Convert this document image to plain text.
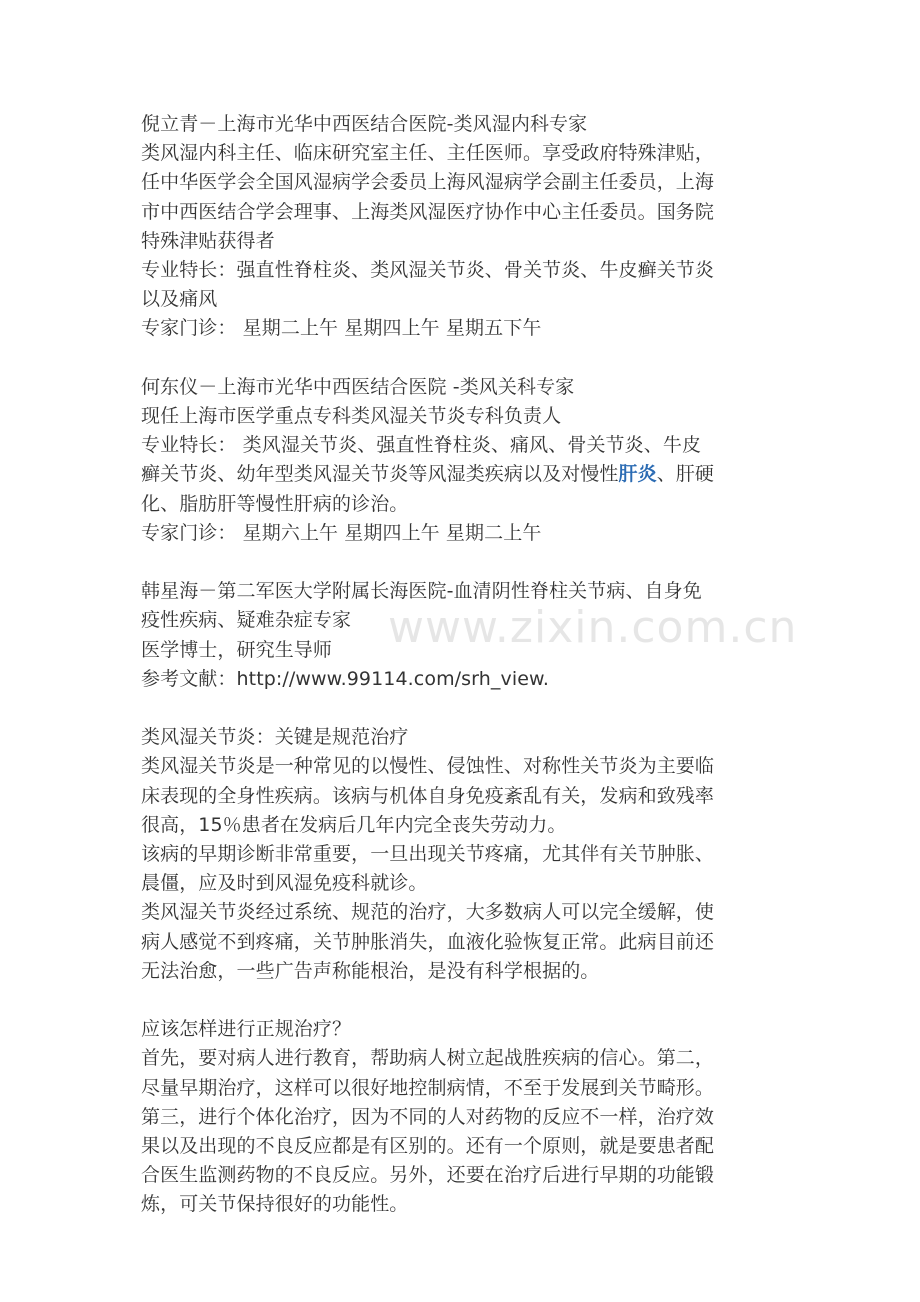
www.zixin.com.cn
倪立青－上海市光华中西医结合医院-类风湿内科专家
类风湿内科主任、临床研究室主任、主任医师。享受政府特殊津贴，
任中华医学会全国风湿病学会委员上海风湿病学会副主任委员，上海
市中西医结合学会理事、上海类风湿医疗协作中心主任委员。国务院
特殊津贴获得者
专业特长：强直性脊柱炎、类风湿关节炎、骨关节炎、牛皮癣关节炎
以及痛风
专家门诊： 星期二上午 星期四上午 星期五下午
何东仪－上海市光华中西医结合医院 -类风关科专家
现任上海市医学重点专科类风湿关节炎专科负责人
专业特长： 类风湿关节炎、强直性脊柱炎、痛风、骨关节炎、牛皮
癣关节炎、幼年型类风湿关节炎等风湿类疾病以及对慢性肝炎、肝硬
化、脂肪肝等慢性肝病的诊治。
专家门诊： 星期六上午 星期四上午 星期二上午
韩星海－第二军医大学附属长海医院-血清阴性脊柱关节病、自身免
疫性疾病、疑难杂症专家
医学博士，研究生导师
参考文献：http://www.99114.com/srh_view.
类风湿关节炎：关键是规范治疗
类风湿关节炎是一种常见的以慢性、侵蚀性、对称性关节炎为主要临
床表现的全身性疾病。该病与机体自身免疫紊乱有关，发病和致残率
很高，15％患者在发病后几年内完全丧失劳动力。
该病的早期诊断非常重要，一旦出现关节疼痛，尤其伴有关节肿胀、
晨僵，应及时到风湿免疫科就诊。
类风湿关节炎经过系统、规范的治疗，大多数病人可以完全缓解，使
病人感觉不到疼痛，关节肿胀消失，血液化验恢复正常。此病目前还
无法治愈，一些广告声称能根治，是没有科学根据的。
应该怎样进行正规治疗？
首先，要对病人进行教育，帮助病人树立起战胜疾病的信心。第二，
尽量早期治疗，这样可以很好地控制病情，不至于发展到关节畸形。
第三，进行个体化治疗，因为不同的人对药物的反应不一样，治疗效
果以及出现的不良反应都是有区别的。还有一个原则，就是要患者配
合医生监测药物的不良反应。另外，还要在治疗后进行早期的功能锻
炼，可关节保持很好的功能性。
